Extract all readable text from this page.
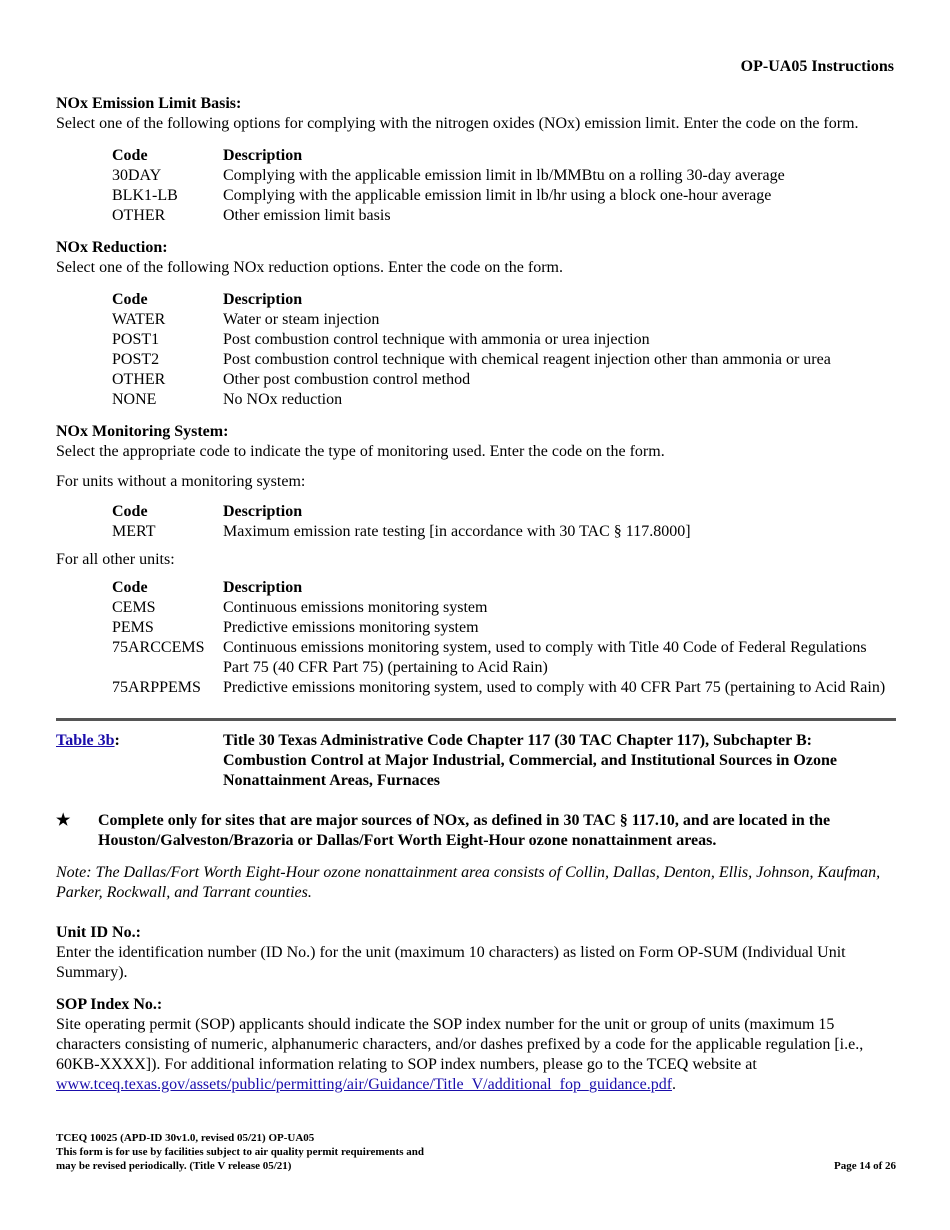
OP-UA05 Instructions

NOx Emission Limit Basis:

Select one of the following options for complying with the nitrogen oxides (NOx) emission limit. Enter the code on the form.

Code	Description
30DAY	Complying with the applicable emission limit in lb/MMBtu on a rolling 30-day average
BLK1-LB	Complying with the applicable emission limit in lb/hr using a block one-hour average
OTHER	Other emission limit basis

NOx Reduction:

Select one of the following NOx reduction options. Enter the code on the form.

Code	Description
WATER	Water or steam injection
POST1	Post combustion control technique with ammonia or urea injection
POST2	Post combustion control technique with chemical reagent injection other than ammonia or urea
OTHER	Other post combustion control method
NONE	No NOx reduction

NOx Monitoring System:

Select the appropriate code to indicate the type of monitoring used. Enter the code on the form.

For units without a monitoring system:

Code	Description
MERT	Maximum emission rate testing [in accordance with 30 TAC § 117.8000]

For all other units:

Code	Description
CEMS	Continuous emissions monitoring system
PEMS	Predictive emissions monitoring system
75ARCCEMS	Continuous emissions monitoring system, used to comply with Title 40 Code of Federal Regulations Part 75 (40 CFR Part 75) (pertaining to Acid Rain)
75ARPPEMS	Predictive emissions monitoring system, used to comply with 40 CFR Part 75 (pertaining to Acid Rain)
Table 3b:	Title 30 Texas Administrative Code Chapter 117 (30 TAC Chapter 117), Subchapter B: Combustion Control at Major Industrial, Commercial, and Institutional Sources in Ozone Nonattainment Areas, Furnaces
★	Complete only for sites that are major sources of NOx, as defined in 30 TAC § 117.10, and are located in the Houston/Galveston/Brazoria or Dallas/Fort Worth Eight-Hour ozone nonattainment areas.

Note: The Dallas/Fort Worth Eight-Hour ozone nonattainment area consists of Collin, Dallas, Denton, Ellis, Johnson, Kaufman, Parker, Rockwall, and Tarrant counties.

Unit ID No.:

Enter the identification number (ID No.) for the unit (maximum 10 characters) as listed on Form OP-SUM (Individual Unit Summary).

SOP Index No.:

Site operating permit (SOP) applicants should indicate the SOP index number for the unit or group of units (maximum 15 characters consisting of numeric, alphanumeric characters, and/or dashes prefixed by a code for the applicable regulation [i.e., 60KB-XXXX]). For additional information relating to SOP index numbers, please go to the TCEQ website at www.tceq.texas.gov/assets/public/permitting/air/Guidance/Title_V/additional_fop_guidance.pdf.

TCEQ 10025 (APD-ID 30v1.0, revised 05/21) OP-UA05
This form is for use by facilities subject to air quality permit requirements and
may be revised periodically. (Title V release 05/21)	Page 14 of 26
